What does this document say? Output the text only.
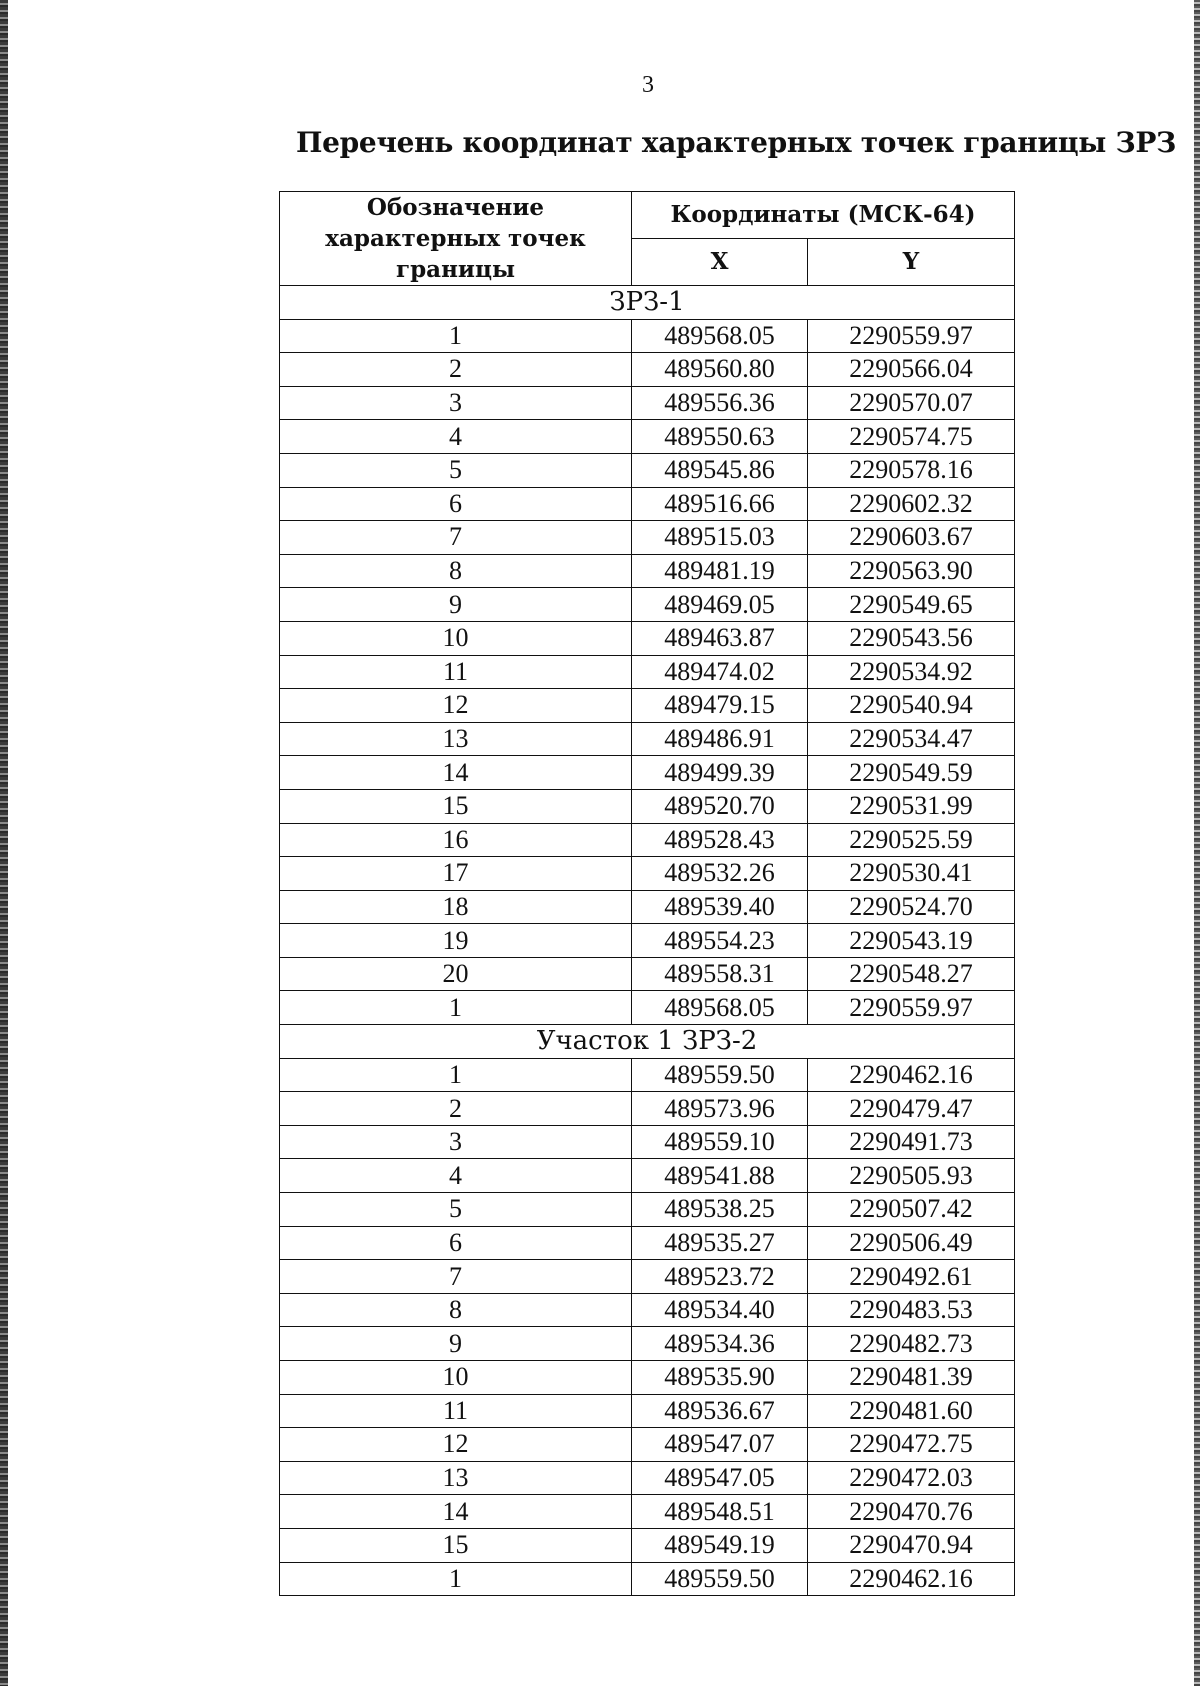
3
Перечень координат характерных точек границы ЗРЗ
Обозначение характерных точек границы	Координаты (МСК-64)	
	X	Y
ЗРЗ-1		
1	489568.05	2290559.97
2	489560.80	2290566.04
3	489556.36	2290570.07
4	489550.63	2290574.75
5	489545.86	2290578.16
6	489516.66	2290602.32
7	489515.03	2290603.67
8	489481.19	2290563.90
9	489469.05	2290549.65
10	489463.87	2290543.56
11	489474.02	2290534.92
12	489479.15	2290540.94
13	489486.91	2290534.47
14	489499.39	2290549.59
15	489520.70	2290531.99
16	489528.43	2290525.59
17	489532.26	2290530.41
18	489539.40	2290524.70
19	489554.23	2290543.19
20	489558.31	2290548.27
1	489568.05	2290559.97
Участок 1 ЗРЗ-2		
1	489559.50	2290462.16
2	489573.96	2290479.47
3	489559.10	2290491.73
4	489541.88	2290505.93
5	489538.25	2290507.42
6	489535.27	2290506.49
7	489523.72	2290492.61
8	489534.40	2290483.53
9	489534.36	2290482.73
10	489535.90	2290481.39
11	489536.67	2290481.60
12	489547.07	2290472.75
13	489547.05	2290472.03
14	489548.51	2290470.76
15	489549.19	2290470.94
1	489559.50	2290462.16
